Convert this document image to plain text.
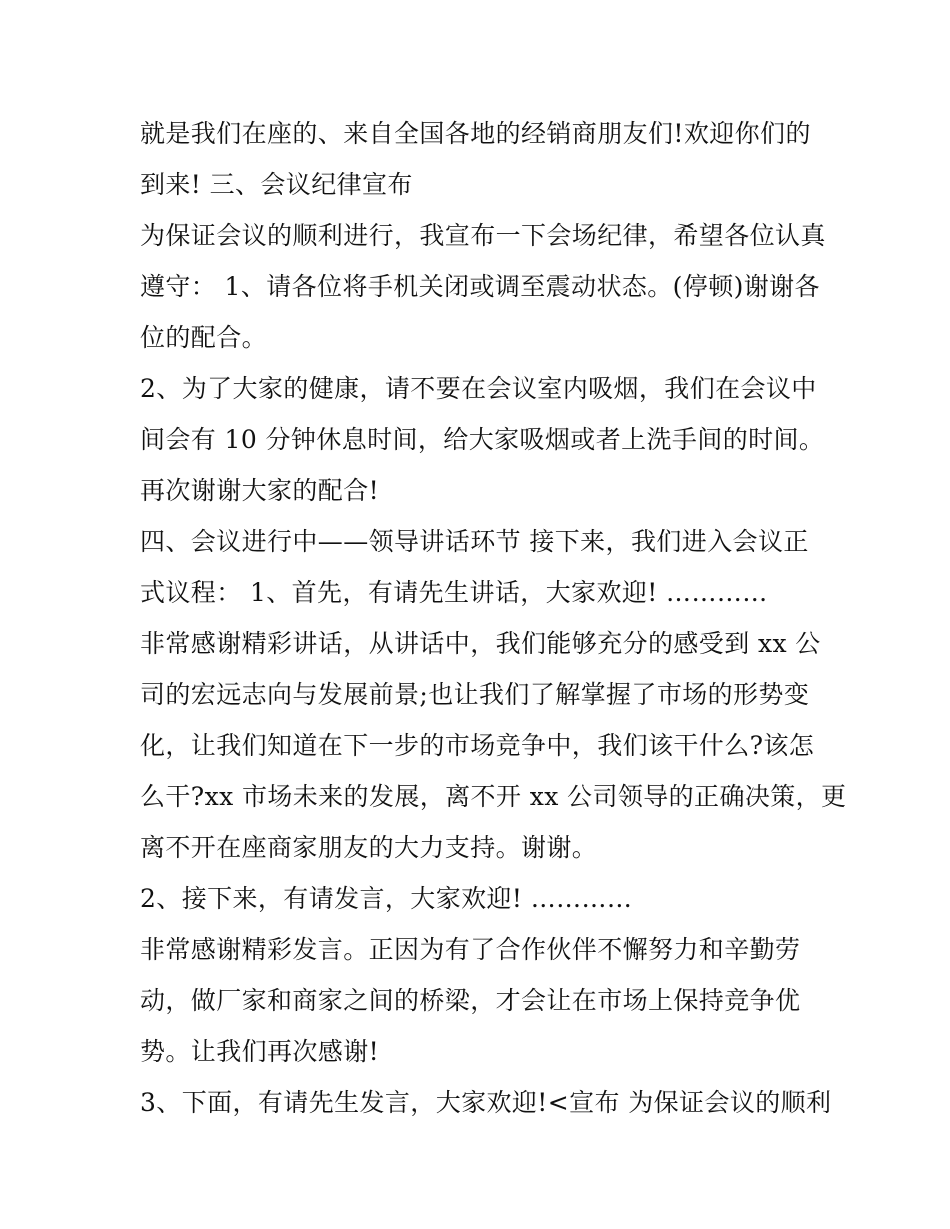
就是我们在座的、来自全国各地的经销商朋友们!欢迎你们的
到来! 三、会议纪律宣布
为保证会议的顺利进行，我宣布一下会场纪律，希望各位认真
遵守： 1、请各位将手机关闭或调至震动状态。(停顿)谢谢各
位的配合。
2、为了大家的健康，请不要在会议室内吸烟，我们在会议中
间会有 10 分钟休息时间，给大家吸烟或者上洗手间的时间。
再次谢谢大家的配合!
四、会议进行中——领导讲话环节 接下来，我们进入会议正
式议程： 1、首先，有请先生讲话，大家欢迎! …………
非常感谢精彩讲话，从讲话中，我们能够充分的感受到 xx 公
司的宏远志向与发展前景;也让我们了解掌握了市场的形势变
化，让我们知道在下一步的市场竞争中，我们该干什么?该怎
么干?xx 市场未来的发展，离不开 xx 公司领导的正确决策，更
离不开在座商家朋友的大力支持。谢谢。
2、接下来，有请发言，大家欢迎! …………
非常感谢精彩发言。正因为有了合作伙伴不懈努力和辛勤劳
动，做厂家和商家之间的桥梁，才会让在市场上保持竞争优
势。让我们再次感谢!
3、下面，有请先生发言，大家欢迎!<宣布 为保证会议的顺利
